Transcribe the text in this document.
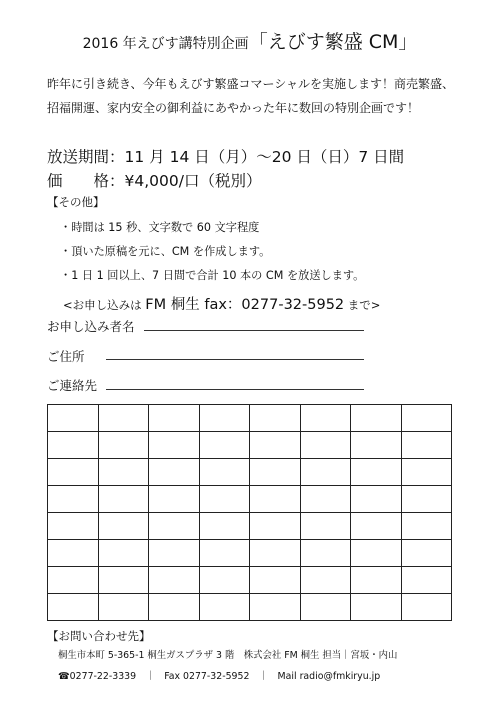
2016 年えびす講特別企画「えびす繁盛 CM」
昨年に引き続き、今年もえびす繁盛コマーシャルを実施します！商売繁盛、
招福開運、家内安全の御利益にあやかった年に数回の特別企画です！
放送期間：11 月 14 日（月）～20 日（日）7 日間
価　　格：¥4,000/口（税別）
【その他】
・時間は 15 秒、文字数で 60 文字程度
・頂いた原稿を元に、CM を作成します。
・1 日 1 回以上、7 日間で合計 10 本の CM を放送します。
<お申し込みは FM 桐生 fax：0277-32-5952 まで>
お申し込み者名
ご住所
ご連絡先

【お問い合わせ先】
桐生市本町 5-365-1 桐生ガスプラザ 3 階　株式会社 FM 桐生 担当｜宮坂・内山
☎0277-22-3339　｜　Fax 0277-32-5952　｜　Mail radio@fmkiryu.jp
